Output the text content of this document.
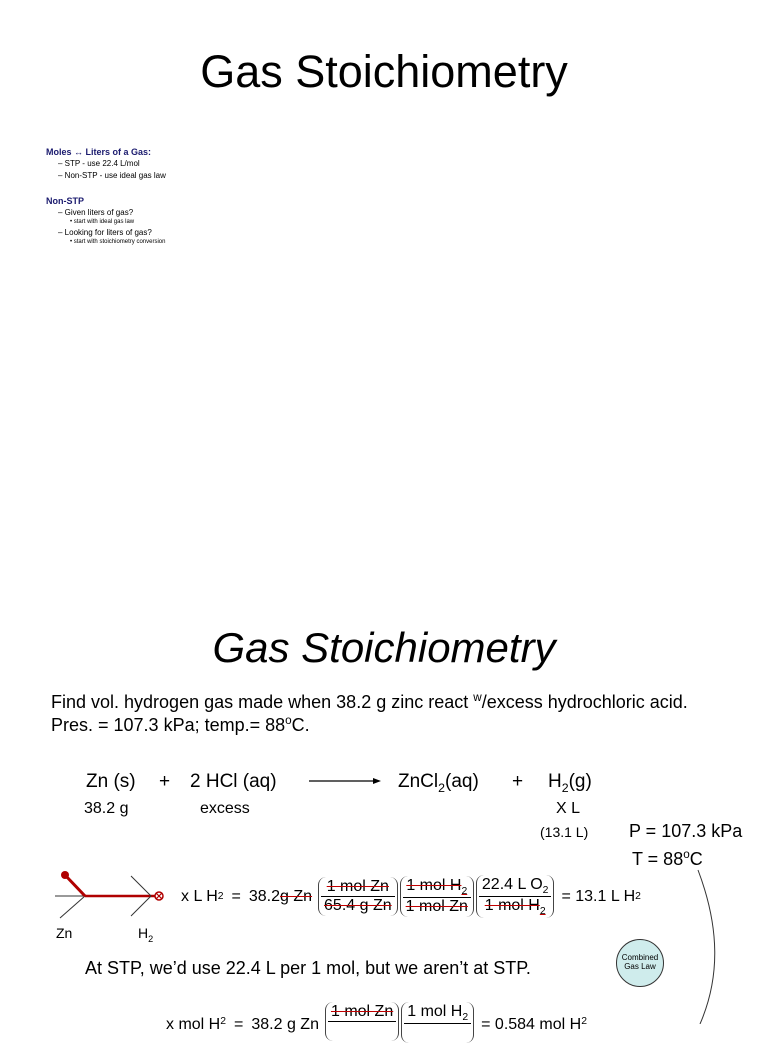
Gas Stoichiometry
Moles ↔ Liters of a Gas:
– STP - use 22.4 L/mol
– Non-STP - use ideal gas law
Non-STP
– Given liters of gas?
• start with ideal gas law
– Looking for liters of gas?
• start with stoichiometry conversion
Gas Stoichiometry
Find vol. hydrogen gas made when 38.2 g zinc react $^w$/excess hydrochloric acid.
Pres. = 107.3 kPa; temp.= $88^oC$.
Zn (s) + 2 HCl (aq)	ZnCl$_2$(aq) + $H_2(g)$
38.2 g	excess	X L
(13.1 L) P = 107.3 kPa
$T = 88^oC$
Zn	$H_2$
x L H 2 = 38.2 g Zn $\frac{\text{1 mol Zn}}{\text{65.4 g Zn}} \frac{1 mol H_2}{\text{1 mol Zn}} \frac{22.4 L O_2}{1 mol H_2} = 13.1$ L H 2
At STP, we’d use 22.4 L per 1 mol, but we aren’t at STP.
Combined
Gas Law
x mol $H^2 = 38.2$ g Zn
1 mol Zn
1 mol $H_2$
= 0.584 mol $H^2$
